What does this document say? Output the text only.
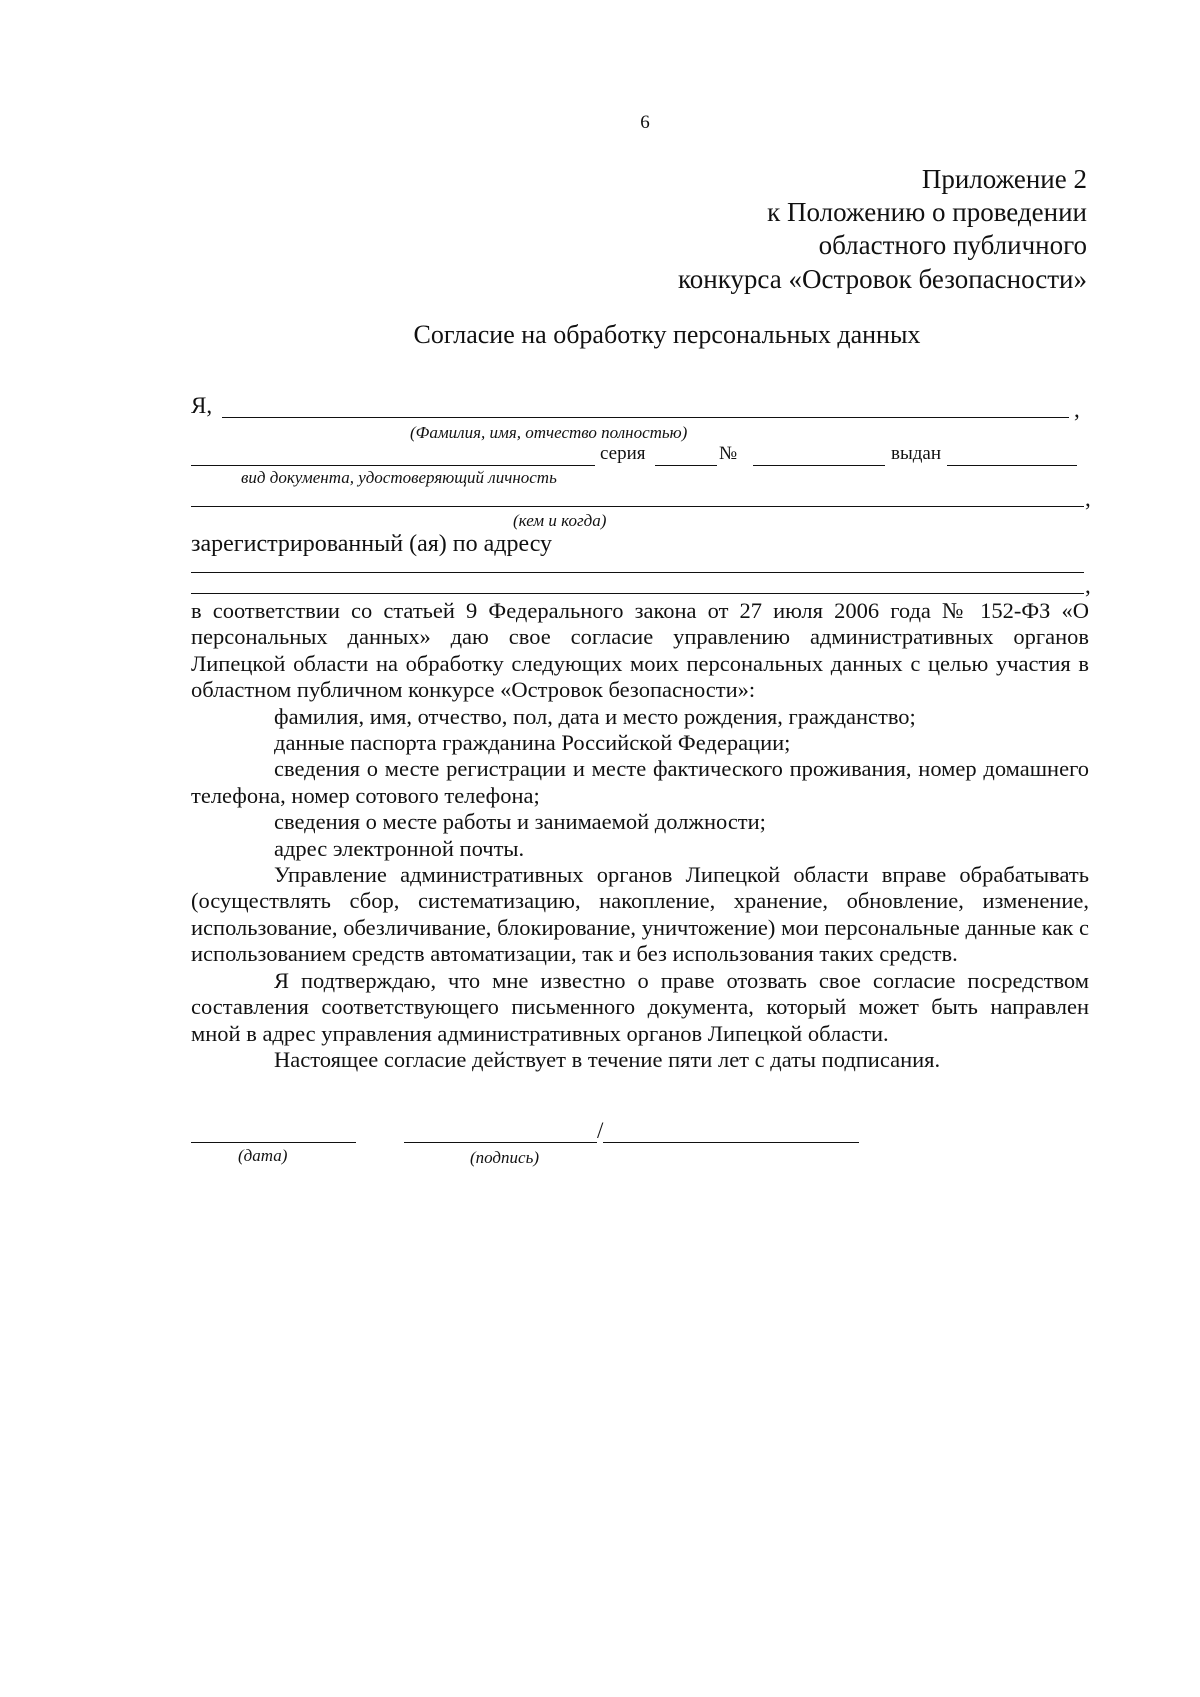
6
Приложение 2
к Положению о проведении
областного публичного
конкурса «Островок безопасности»
Согласие на обработку персональных данных
Я,	,
(Фамилия, имя, отчество полностью)
серия	№	выдан
вид документа, удостоверяющий личность
,
(кем и когда)
зарегистрированный (ая) по адресу
,

в соответствии со статьей 9 Федерального закона от 27 июля 2006 года № 152-ФЗ «О персональных данных» даю свое согласие управлению административных органов Липецкой области на обработку следующих моих персональных данных с целью участия в областном публичном конкурсе «Островок безопасности»:

фамилия, имя, отчество, пол, дата и место рождения, гражданство;

данные паспорта гражданина Российской Федерации;

сведения о месте регистрации и месте фактического проживания, номер домашнего телефона, номер сотового телефона;

сведения о месте работы и занимаемой должности;

адрес электронной почты.

Управление административных органов Липецкой области вправе обрабатывать (осуществлять сбор, систематизацию, накопление, хранение, обновление, изменение, использование, обезличивание, блокирование, уничтожение) мои персональные данные как с использованием средств автоматизации, так и без использования таких средств.

Я подтверждаю, что мне известно о праве отозвать свое согласие посредством составления соответствующего письменного документа, который может быть направлен мной в адрес управления административных органов Липецкой области.

Настоящее согласие действует в течение пяти лет с даты подписания.

(дата)
/
(подпись)
